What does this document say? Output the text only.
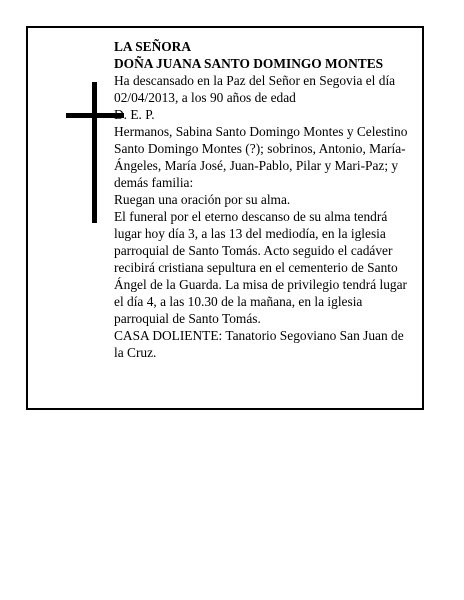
LA SEÑORA

DOÑA JUANA SANTO DOMINGO MONTES

Ha descansado en la Paz del Señor en Segovia el día 02/04/2013, a los 90 años de edad

D. E. P.

Hermanos, Sabina Santo Domingo Montes y Celestino Santo Domingo Montes (?); sobrinos, Antonio, María-Ángeles, María José, Juan-Pablo, Pilar y Mari-Paz; y demás familia:

Ruegan una oración por su alma.

El funeral por el eterno descanso de su alma tendrá lugar hoy día 3, a las 13 del mediodía, en la iglesia parroquial de Santo Tomás. Acto seguido el cadáver recibirá cristiana sepultura en el cementerio de Santo Ángel de la Guarda. La misa de privilegio tendrá lugar el día 4, a las 10.30 de la mañana, en la iglesia parroquial de Santo Tomás.

CASA DOLIENTE: Tanatorio Segoviano San Juan de la Cruz.
